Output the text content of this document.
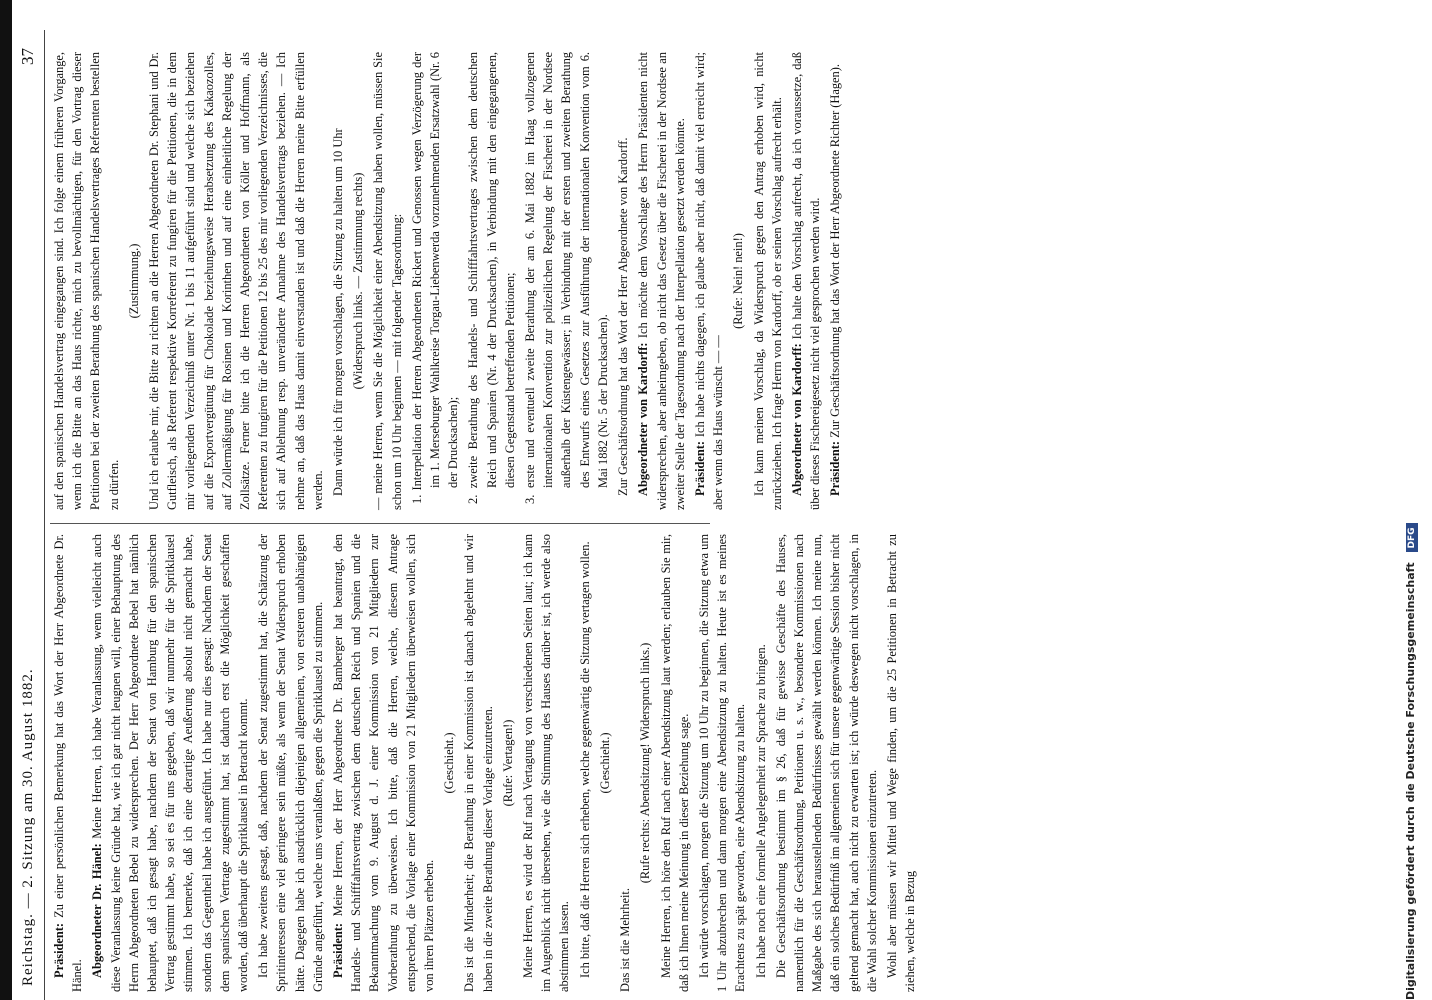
Reichstag. — 2. Sitzung am 30. August 1882.
37

Präsident: Zu einer persönlichen Bemerkung hat das Wort der Herr Abgeordnete Dr. Hänel. Abgeordneter Dr. Hänel: Meine Herren, ich habe Veranlassung, wenn vielleicht auch diese Veranlassung keine Gründe hat, wie ich gar nicht leugnen will, einer Behauptung des Herrn Abgeordneten Bebel zu widersprechen. Der Herr Abgeordnete Bebel hat nämlich behauptet, daß ich gesagt habe, nachdem der Senat von Hamburg für den spanischen Vertrag gestimmt habe, so sei es für uns gegeben, daß wir nunmehr für die Spritklausel stimmen. Ich bemerke, daß ich eine derartige Aeußerung absolut nicht gemacht habe, sondern das Gegentheil habe ich ausgeführt. Ich habe nur dies gesagt: Nachdem der Senat dem spanischen Vertrage zugestimmt hat, ist dadurch erst die Möglichkeit geschaffen worden, daß überhaupt die Spritklausel in Betracht kommt. Ich habe zweitens gesagt, daß, nachdem der Senat zugestimmt hat, die Schätzung der Spritinteressen eine viel geringere sein müßte, als wenn der Senat Widerspruch erhoben hätte. Dagegen habe ich ausdrücklich diejenigen allgemeinen, von ersteren unabhängigen Gründe angeführt, welche uns veranlaßten, gegen die Spritklausel zu stimmen. Präsident: Meine Herren, der Herr Abgeordnete Dr. Bamberger hat beantragt, den Handels- und Schifffahrtsvertrag zwischen dem deutschen Reich und Spanien und die Bekanntmachung vom 9. August d. J. einer Kommission von 21 Mitgliedern zur Vorberathung zu überweisen. Ich bitte, daß die Herren, welche, diesem Antrage entsprechend, die Vorlage einer Kommission von 21 Mitgliedern überweisen wollen, sich von ihren Plätzen erheben.

(Geschieht.) Das ist die Minderheit; die Berathung in einer Kommission ist danach abgelehnt und wir haben in die zweite Berathung dieser Vorlage einzutreten. (Rufe: Vertagen!) Meine Herren, es wird der Ruf nach Vertagung von verschiedenen Seiten laut; ich kann im Augenblick nicht übersehen, wie die Stimmung des Hauses darüber ist, ich werde also abstimmen lassen. Ich bitte, daß die Herren sich erheben, welche gegenwärtig die Sitzung vertagen wollen. (Geschieht.)

Das ist die Mehrheit.

(Rufe rechts: Abendsitzung! Widerspruch links.) Meine Herren, ich höre den Ruf nach einer Abendsitzung laut werden; erlauben Sie mir, daß ich Ihnen meine Meinung in dieser Beziehung sage. Ich würde vorschlagen, morgen die Sitzung um 10 Uhr zu beginnen, die Sitzung etwa um 1 Uhr abzubrechen und dann morgen eine Abendsitzung zu halten. Heute ist es meines Erachtens zu spät geworden, eine Abendsitzung zu halten. Ich habe noch eine formelle Angelegenheit zur Sprache zu bringen. Die Geschäftsordnung bestimmt im § 26, daß für gewisse Geschäfte des Hauses, namentlich für die Geschäftsordnung, Petitionen u. s. w., besondere Kommissionen nach Maßgabe des sich herausstellenden Bedürfnisses gewählt werden können. Ich meine nun, daß ein solches Bedürfniß im allgemeinen sich für unsere gegenwärtige Session bisher nicht geltend gemacht hat, auch nicht zu erwarten ist; ich würde deswegen nicht vorschlagen, in die Wahl solcher Kommissionen einzutreten. Wohl aber müssen wir Mittel und Wege finden, um die 25 Petitionen in Betracht zu ziehen, welche in Bezug

auf den spanischen Handelsvertrag eingegangen sind. Ich folge einem früheren Vorgange, wenn ich die Bitte an das Haus richte, mich zu bevollmächtigen, für den Vortrag dieser Petitionen bei der zweiten Berathung des spanischen Handelsvertrages Referenten bestellen zu dürfen.

(Zustimmung.) Und ich erlaube mir, die Bitte zu richten an die Herren Abgeordneten Dr. Stephani und Dr. Gutfleisch, als Referent respektive Korreferent zu fungiren für die Petitionen, die in dem mir vorliegenden Verzeichniß unter Nr. 1 bis 11 aufgeführt sind und welche sich beziehen auf die Exportvergütung für Chokolade beziehungsweise Herabsetzung des Kakaozolles, auf Zollermäßigung für Rosinen und Korinthen und auf eine einheitliche Regelung der Zollsätze. Ferner bitte ich die Herren Abgeordneten von Köller und Hoffmann, als Referenten zu fungiren für die Petitionen 12 bis 25 des mir vorliegenden Verzeichnisses, die sich auf Ablehnung resp. unveränderte Annahme des Handelsvertrags beziehen. — Ich nehme an, daß das Haus damit einverstanden ist und daß die Herren meine Bitte erfüllen werden. Dann würde ich für morgen vorschlagen, die Sitzung zu halten um 10 Uhr (Widerspruch links. — Zustimmung rechts) — meine Herren, wenn Sie die Möglichkeit einer Abendsitzung haben wollen, müssen Sie schon um 10 Uhr beginnen — mit folgender Tagesordnung: 1. Interpellation der Herren Abgeordneten Rickert und Genossen wegen Verzögerung der im 1. Merseburger Wahlkreise Torgau-Liebenwerda vorzunehmenden Ersatzwahl (Nr. 6 der Drucksachen); 2. zweite Berathung des Handels- und Schifffahrtsvertrages zwischen dem deutschen Reich und Spanien (Nr. 4 der Drucksachen), in Verbindung mit den eingegangenen, diesen Gegenstand betreffenden Petitionen; 3. erste und eventuell zweite Berathung der am 6. Mai 1882 im Haag vollzogenen internationalen Konvention zur polizeilichen Regelung der Fischerei in der Nordsee außerhalb der Küstengewässer; in Verbindung mit der ersten und zweiten Berathung des Entwurfs eines Gesetzes zur Ausführung der internationalen Konvention vom 6. Mai 1882 (Nr. 5 der Drucksachen). Zur Geschäftsordnung hat das Wort der Herr Abgeordnete von Kardorff. Abgeordneter von Kardorff: Ich möchte dem Vorschlage des Herrn Präsidenten nicht widersprechen, aber anheimgeben, ob nicht das Gesetz über die Fischerei in der Nordsee an zweiter Stelle der Tagesordnung nach der Interpellation gesetzt werden könnte. Präsident: Ich habe nichts dagegen, ich glaube aber nicht, daß damit viel erreicht wird; aber wenn das Haus wünscht — —

(Rufe: Nein! nein!) Ich kann meinen Vorschlag, da Widerspruch gegen den Antrag erhoben wird, nicht zurückziehen. Ich frage Herrn von Kardorff, ob er seinen Vorschlag aufrecht erhält. Abgeordneter von Kardorff: Ich halte den Vorschlag aufrecht, da ich voraussetze, daß über dieses Fischereigesetz nicht viel gesprochen werden wird. Präsident: Zur Geschäftsordnung hat das Wort der Herr Abgeordnete Richter (Hagen).

Digitalisierung gefördert durch die Deutsche Forschungsgemeinschaft DFG
